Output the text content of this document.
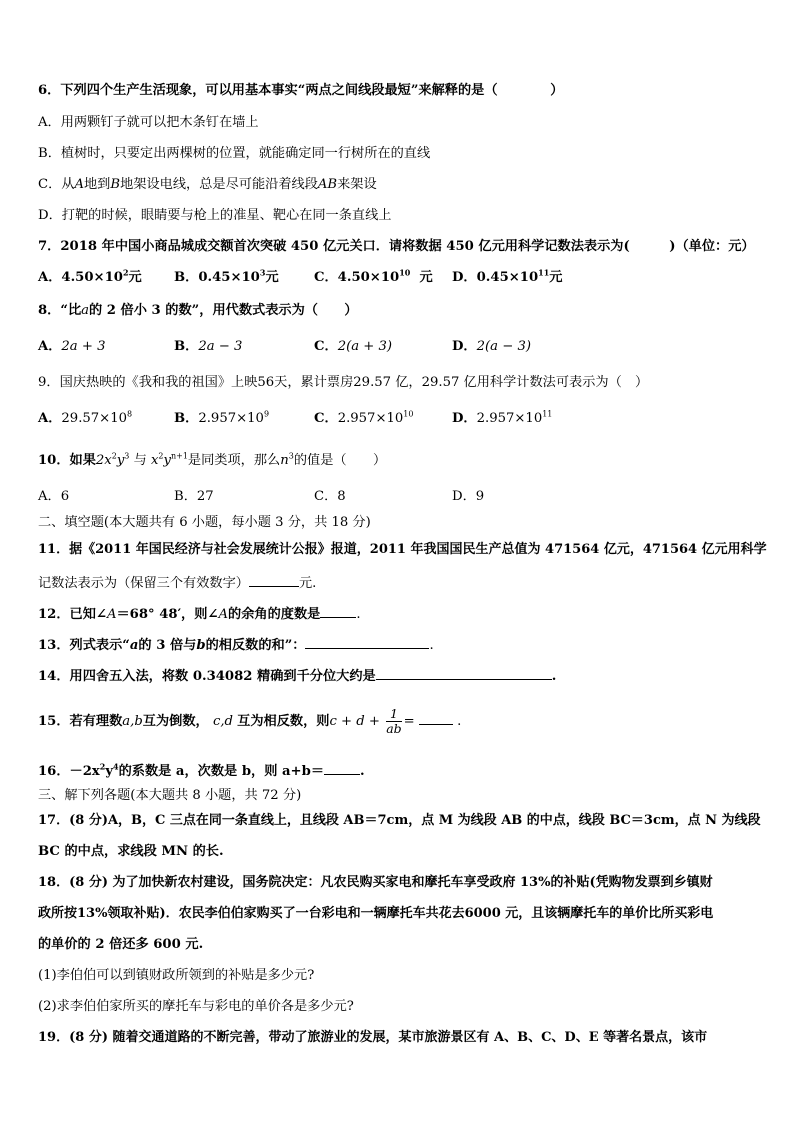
6．下列四个生产生活现象，可以用基本事实“两点之间线段最短”来解释的是（　　　　）
A．用两颗钉子就可以把木条钉在墙上
B．植树时，只要定出两棵树的位置，就能确定同一行树所在的直线
C．从A地到B地架设电线，总是尽可能沿着线段AB来架设
D．打靶的时候，眼睛要与枪上的准星、靶心在同一条直线上
7．2018 年中国小商品城成交额首次突破 450 亿元关口．请将数据 450 亿元用科学记数法表示为(　　　)（单位：元）
A．$4.50\times 10^2$元 B．$0.45\times 10^3$元	C．$4.50\times 10^{10}$ 元 D．$0.45\times 10^{11}$元
8．“比a的 2 倍小 3 的数”，用代数式表示为（　　）
A．2a + 3	B．2a − 3	C．2(a + 3)	D．2(a − 3)
9．国庆热映的《我和我的祖国》上映56天，累计票房29.57 亿，29.57 亿用科学计数法可表示为（　）
A．$29.57\times 10^8$	B．$2.957\times 10^9$	C．$2.957\times 10^{10}$	D．$2.957\times 10^{11}$
10．如果$2x^2y^3$ 与 $x^2y^{n+1}$是同类项，那么$n^3$的值是（　　）
A．6	B．27	C．8	D．9
二、填空题(本大题共有 6 小题，每小题 3 分，共 18 分)
11．据《2011 年国民经济与社会发展统计公报》报道，2011 年我国国民生产总值为 471564 亿元，471564 亿元用科学
记数法表示为（保留三个有效数字）	元.
12．已知∠A＝68° 48′，则∠A的余角的度数是	.
13．列式表示“a的 3 倍与b的相反数的和”：	.
14．用四舍五入法，将数 0.34082 精确到千分位大约是	.
15．若有理数a,b互为倒数， c,d 互为相反数，则$c + d + \frac{1}{ab}$ =	.
16．$-2x^2y^4$的系数是 a，次数是 b，则 a+b＝	.
三、解下列各题(本大题共 8 小题，共 72 分)
17．(8 分)A，B，C 三点在同一条直线上，且线段 AB＝7cm，点 M 为线段 AB 的中点，线段 BC＝3cm，点 N 为线段
BC 的中点，求线段 MN 的长.
18．(8 分) 为了加快新农村建设，国务院决定：凡农民购买家电和摩托车享受政府 13%的补贴(凭购物发票到乡镇财
政所按13%领取补贴)．农民李伯伯家购买了一台彩电和一辆摩托车共花去6000 元，且该辆摩托车的单价比所买彩电
的单价的 2 倍还多 600 元.
(1)李伯伯可以到镇财政所领到的补贴是多少元?
(2)求李伯伯家所买的摩托车与彩电的单价各是多少元?
19．(8 分) 随着交通道路的不断完善，带动了旅游业的发展，某市旅游景区有 A、B、C、D、E 等著名景点，该市
